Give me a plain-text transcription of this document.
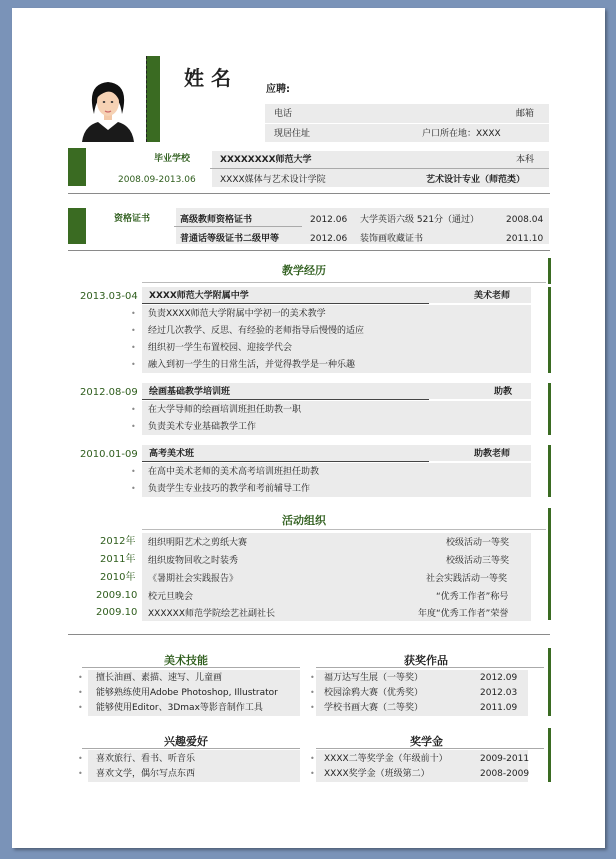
姓 名	应聘:
电话	邮箱
现居住址	户口所在地：XXXX
毕业学校
2008.09-2013.06
XXXXXXXX师范大学	本科
XXXX媒体与艺术设计学院	艺术设计专业（师范类）
资格证书	高级教师资格证书	2012.06 大学英语六级 521分（通过）	2008.04
普通话等级证书二级甲等	2012.06 装饰画收藏证书	2011.10
教学经历
2013.03-04 XXXX师范大学附属中学	美术老师
• 负责XXXX师范大学附属中学初一的美术教学
• 经过几次教学、反思、有经验的老师指导后慢慢的适应
• 组织初一学生布置校园、迎接学代会
• 融入到初一学生的日常生活，并觉得教学是一种乐趣
2012.08-09 绘画基础教学培训班	助教
• 在大学导师的绘画培训班担任助教一职
• 负责美术专业基础教学工作
2010.01-09 高考美术班	助教老师
• 在高中美术老师的美术高考培训班担任助教
• 负责学生专业技巧的教学和考前辅导工作
活动组织
2012年 组织明阳艺术之剪纸大赛	校级活动一等奖
2011年 组织废物回收之时装秀	校级活动三等奖
2010年 《暑期社会实践报告》	社会实践活动一等奖
2009.10 校元旦晚会	“优秀工作者”称号
2009.10 XXXXXX师范学院绘艺社副社长	年度“优秀工作者”荣誉
美术技能
• 擅长油画、素描、速写、儿童画
• 能够熟练使用Adobe Photoshop, Illustrator
• 能够使用Editor、3Dmax等影音制作工具
获奖作品
• 福万达写生展（一等奖）	2012.09
• 校园涂鸦大赛（优秀奖）	2012.03
• 学校书画大赛（二等奖）	2011.09
兴趣爱好
• 喜欢旅行、看书、听音乐
• 喜欢文学，偶尔写点东西
奖学金
• XXXX二等奖学金（年级前十）	2009-2011
• XXXX奖学金（班级第二）	2008-2009
